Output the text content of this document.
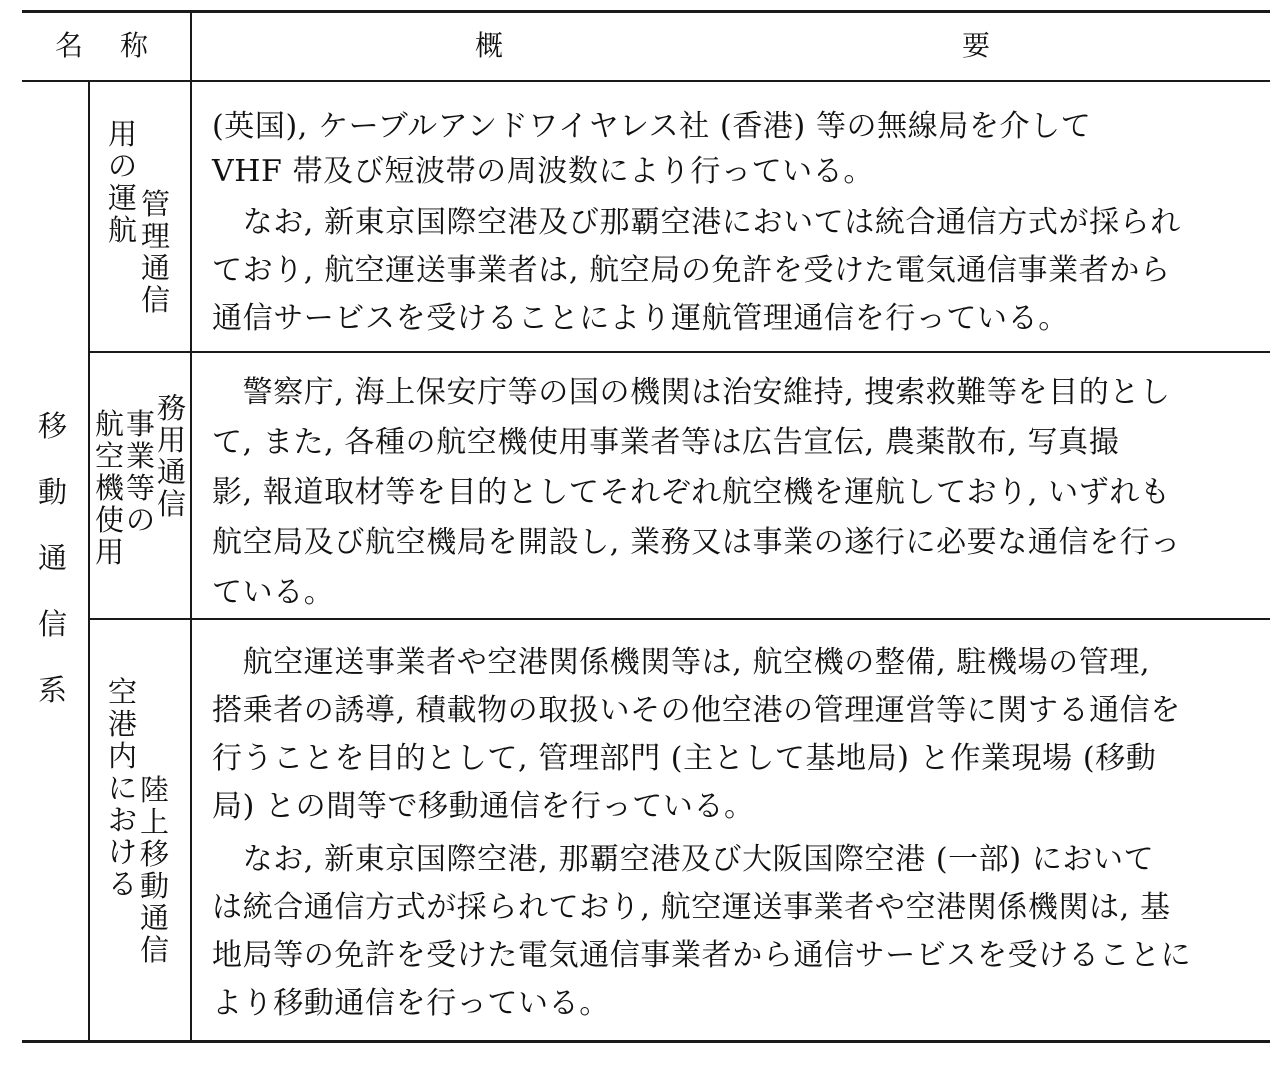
名 称	概	要
移
動
通
信
系
管
理
通
信
用
の
運
航
務
用
通
信
事
業
等
の
航
空
機
使
用
陸
上
移
動
通
信
空
港
内
に
お
け
る
(英国), ケーブルアンドワイヤレス社 (香港) 等の無線局を介して
VHF 帯及び短波帯の周波数により行っている。
　なお, 新東京国際空港及び那覇空港においては統合通信方式が採られ
ており, 航空運送事業者は, 航空局の免許を受けた電気通信事業者から
通信サービスを受けることにより運航管理通信を行っている。
　警察庁, 海上保安庁等の国の機関は治安維持, 捜索救難等を目的とし
て, また, 各種の航空機使用事業者等は広告宣伝, 農薬散布, 写真撮
影, 報道取材等を目的としてそれぞれ航空機を運航しており, いずれも
航空局及び航空機局を開設し, 業務又は事業の遂行に必要な通信を行っ
ている。
　航空運送事業者や空港関係機関等は, 航空機の整備, 駐機場の管理,
搭乗者の誘導, 積載物の取扱いその他空港の管理運営等に関する通信を
行うことを目的として, 管理部門 (主として基地局) と作業現場 (移動
局) との間等で移動通信を行っている。
　なお, 新東京国際空港, 那覇空港及び大阪国際空港 (一部) において
は統合通信方式が採られており, 航空運送事業者や空港関係機関は, 基
地局等の免許を受けた電気通信事業者から通信サービスを受けることに
より移動通信を行っている。
